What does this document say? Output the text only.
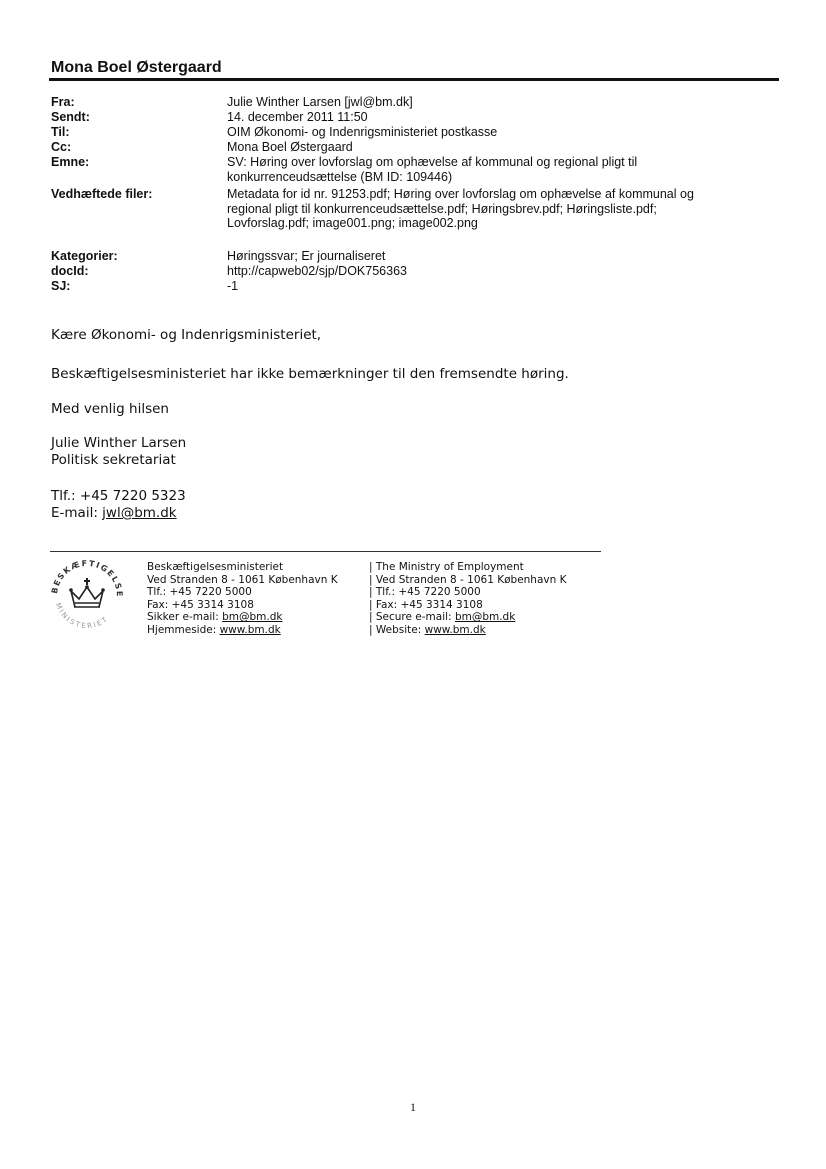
Mona Boel Østergaard
Fra:	Julie Winther Larsen [jwl@bm.dk]
Sendt:	14. december 2011 11:50
Til:	OIM Økonomi- og Indenrigsministeriet postkasse
Cc:	Mona Boel Østergaard
Emne:	SV: Høring over lovforslag om ophævelse af kommunal og regional pligt til
konkurrenceudsættelse (BM ID: 109446)
Vedhæftede filer:	Metadata for id nr. 91253.pdf; Høring over lovforslag om ophævelse af kommunal og
regional pligt til konkurrenceudsættelse.pdf; Høringsbrev.pdf; Høringsliste.pdf;
Lovforslag.pdf; image001.png; image002.png
Kategorier:	Høringssvar; Er journaliseret
docId:	http://capweb02/sjp/DOK756363
SJ:	-1
Kære Økonomi- og Indenrigsministeriet,
Beskæftigelsesministeriet har ikke bemærkninger til den fremsendte høring.
Med venlig hilsen
Julie Winther Larsen
Politisk sekretariat
Tlf.: +45 7220 5323
E-mail: jwl@bm.dk
BESKÆFTIGELSE
MINISTERIET
Beskæftigelsesministeriet
Ved Stranden 8 - 1061 København K
Tlf.: +45 7220 5000
Fax: +45 3314 3108
Sikker e-mail: bm@bm.dk
Hjemmeside: www.bm.dk
| The Ministry of Employment
| Ved Stranden 8 - 1061 København K
| Tlf.: +45 7220 5000
| Fax: +45 3314 3108
| Secure e-mail: bm@bm.dk
| Website: www.bm.dk
1
